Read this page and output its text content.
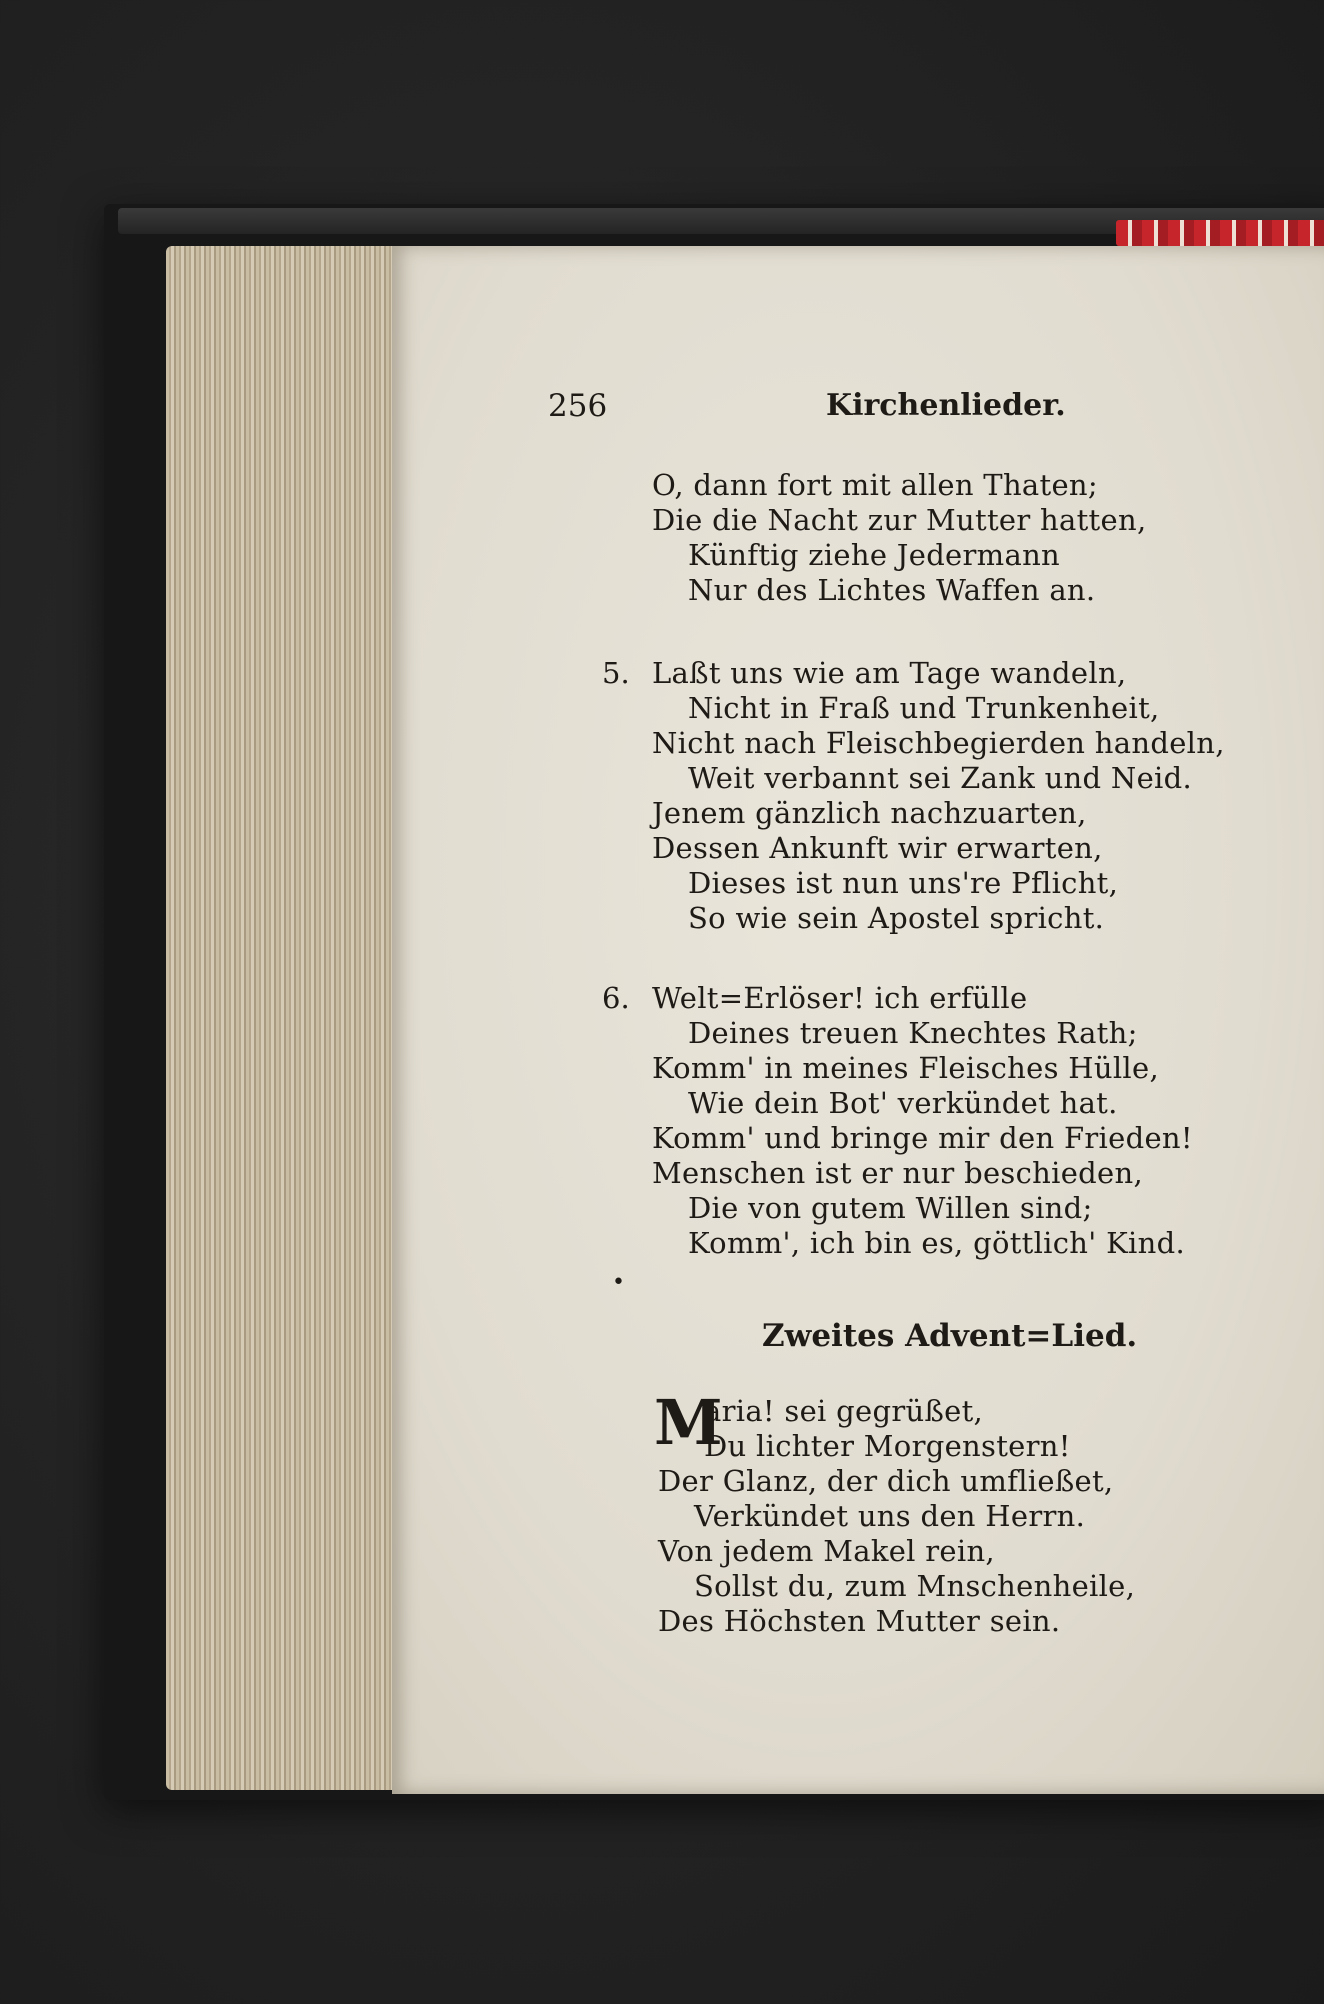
256	Kirchenlieder.
O, dann fort mit allen Thaten;
Die die Nacht zur Mutter hatten,
Künftig ziehe Jedermann
Nur des Lichtes Waffen an.
5. Laßt uns wie am Tage wandeln,
Nicht in Fraß und Trunkenheit,
Nicht nach Fleischbegierden handeln,
Weit verbannt sei Zank und Neid.
Jenem gänzlich nachzuarten,
Dessen Ankunft wir erwarten,
Dieses ist nun uns're Pflicht,
So wie sein Apostel spricht.
6. Welt=Erlöser! ich erfülle
Deines treuen Knechtes Rath;
Komm' in meines Fleisches Hülle,
Wie dein Bot' verkündet hat.
Komm' und bringe mir den Frieden!
Menschen ist er nur beschieden,
Die von gutem Willen sind;
Komm', ich bin es, göttlich' Kind.
•
Zweites Advent=Lied.
M
aria! sei gegrüßet,
Du lichter Morgenstern!
Der Glanz, der dich umfließet,
Verkündet uns den Herrn.
Von jedem Makel rein,
Sollst du, zum Mnschenheile,
Des Höchsten Mutter sein.
